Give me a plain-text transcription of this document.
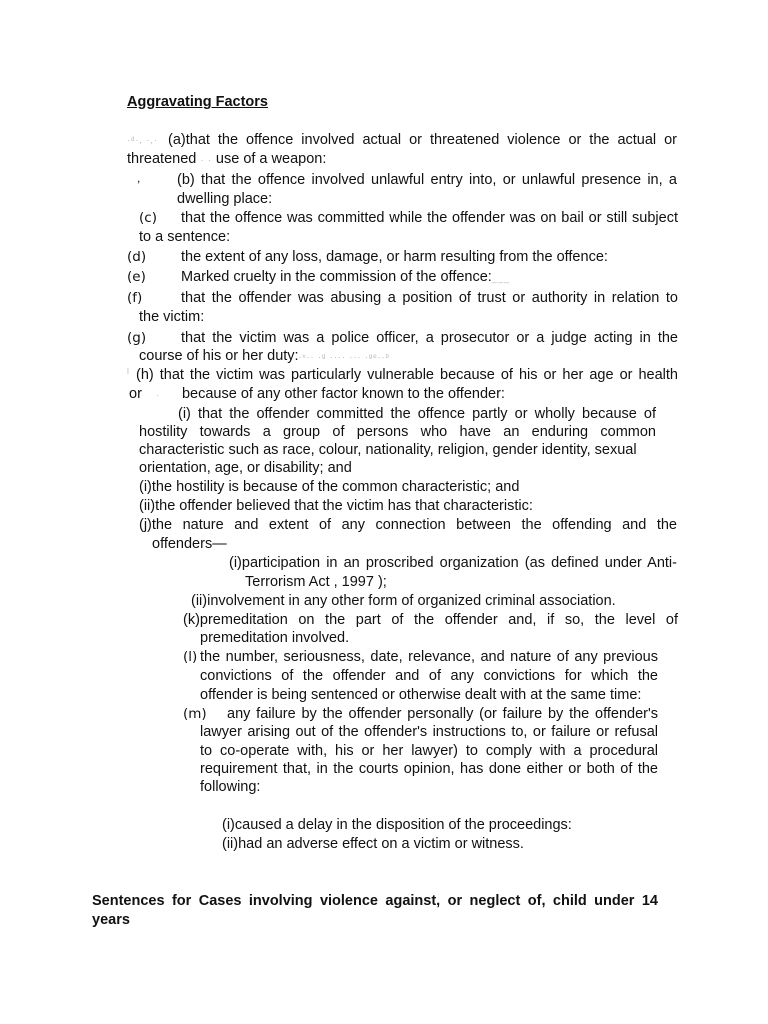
Aggravating Factors
·ᵈ·, ·,· (a)that the offence involved actual or threatened violence or the actual or
threatened · · use of a weapon:
,	(b) that the offence involved unlawful entry into, or unlawful presence in, a
dwelling place:
(c) that the offence was committed while the offender was on bail or still subject
to a sentence:
(d) the extent of any loss, damage, or harm resulting from the offence:
(e) Marked cruelty in the commission of the offence:___
(f)	that the offender was abusing a position of trust or authority in relation to
the victim:
(g) that the victim was a police officer, a prosecutor or a judge acting in the
course of his or her duty:·ᵛ·· ·ᵍ ···· ··· ·ᵍᵉ··ᵇ
ˡ (h) that the victim was particularly vulnerable because of his or her age or health
or · because of any other factor known to the offender:
(i) that the offender committed the offence partly or wholly because of
hostility towards a group of persons who have an enduring common
characteristic such as race, colour, nationality, religion, gender identity, sexual
orientation, age, or disability; and
(i)the hostility is because of the common characteristic; and
(ii)the offender believed that the victim has that characteristic:
(j)the nature and extent of any connection between the offending and the
offenders—
(i)participation in an proscribed organization (as defined under Anti-
Terrorism Act , 1997 );
(ii)involvement in any other form of organized criminal association.
(k)premeditation on the part of the offender and, if so, the level of
premeditation involved.
(l) the number, seriousness, date, relevance, and nature of any previous
convictions of the offender and of any convictions for which the
offender is being sentenced or otherwise dealt with at the same time:
(m) any failure by the offender personally (or failure by the offender's
lawyer arising out of the offender's instructions to, or failure or refusal
to co-operate with, his or her lawyer) to comply with a procedural
requirement that, in the courts opinion, has done either or both of the
following:
(i)caused a delay in the disposition of the proceedings:
(ii)had an adverse effect on a victim or witness.
Sentences for Cases involving violence against, or neglect of, child under 14
years
